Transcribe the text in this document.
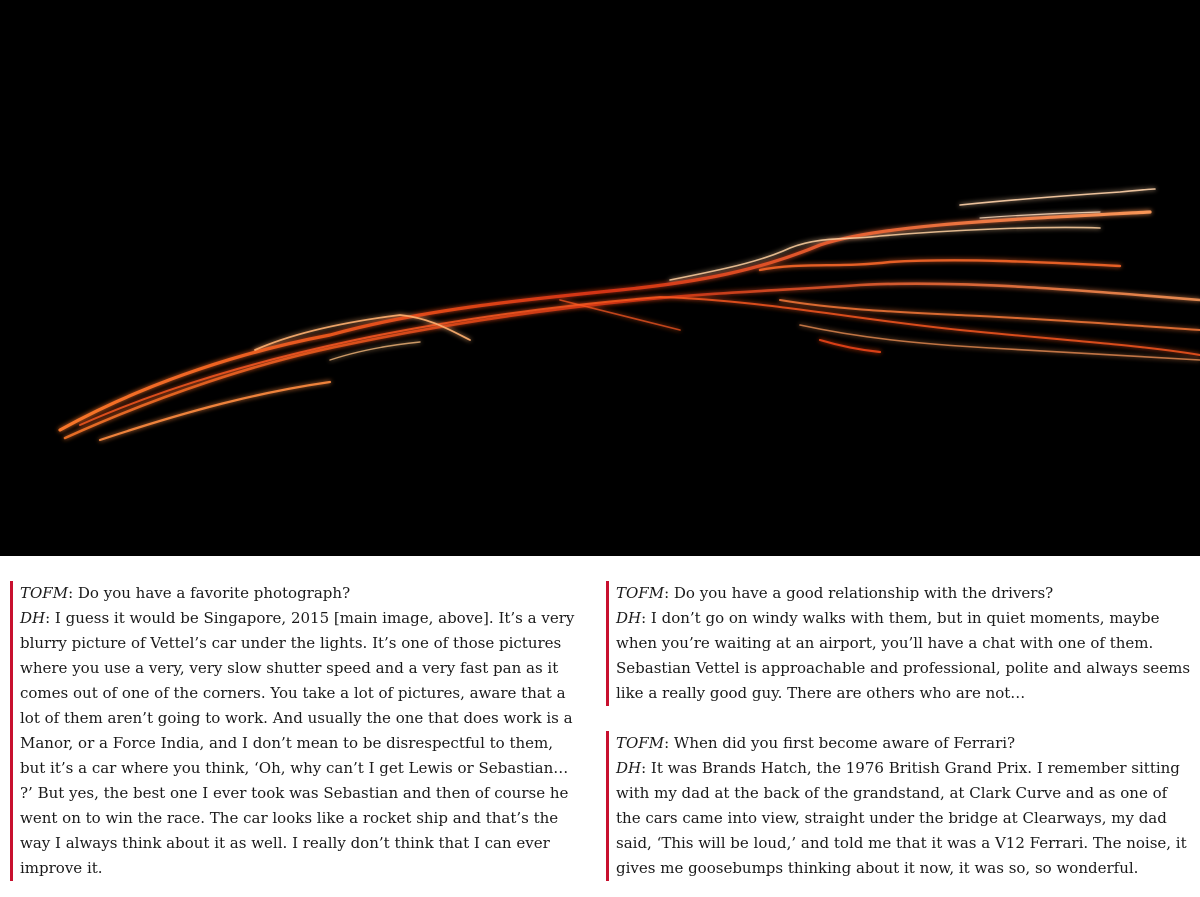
TOFM: Do you have a favorite photograph?

DH: I guess it would be Singapore, 2015 [main image, above]. It’s a very blurry picture of Vettel’s car under the lights. It’s one of those pictures where you use a very, very slow shutter speed and a very fast pan as it comes out of one of the corners. You take a lot of pictures, aware that a lot of them aren’t going to work. And usually the one that does work is a Manor, or a Force India, and I don’t mean to be disrespectful to them, but it’s a car where you think, ‘Oh, why can’t I get Lewis or Sebastian… ?’ But yes, the best one I ever took was Sebastian and then of course he went on to win the race. The car looks like a rocket ship and that’s the way I always think about it as well. I really don’t think that I can ever improve it.

TOFM: Do you have a good relationship with the drivers?

DH: I don’t go on windy walks with them, but in quiet moments, maybe when you’re waiting at an airport, you’ll have a chat with one of them. Sebastian Vettel is approachable and professional, polite and always seems like a really good guy. There are others who are not…

TOFM: When did you first become aware of Ferrari?

DH: It was Brands Hatch, the 1976 British Grand Prix. I remember sitting with my dad at the back of the grandstand, at Clark Curve and as one of the cars came into view, straight under the bridge at Clearways, my dad said, ‘This will be loud,’ and told me that it was a V12 Ferrari. The noise, it gives me goosebumps thinking about it now, it was so, so wonderful.
